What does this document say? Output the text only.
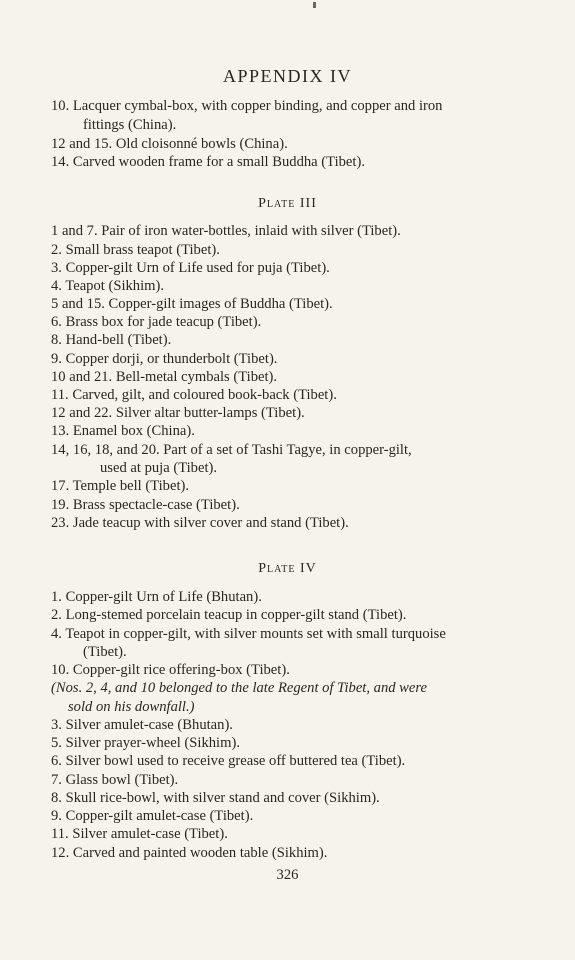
APPENDIX IV
10. Lacquer cymbal-box, with copper binding, and copper and iron
fittings (China).
12 and 15. Old cloisonné bowls (China).
14. Carved wooden frame for a small Buddha (Tibet).
Plate III
1 and 7. Pair of iron water-bottles, inlaid with silver (Tibet).
2. Small brass teapot (Tibet).
3. Copper-gilt Urn of Life used for puja (Tibet).
4. Teapot (Sikhim).
5 and 15. Copper-gilt images of Buddha (Tibet).
6. Brass box for jade teacup (Tibet).
8. Hand-bell (Tibet).
9. Copper dorji, or thunderbolt (Tibet).
10 and 21. Bell-metal cymbals (Tibet).
11. Carved, gilt, and coloured book-back (Tibet).
12 and 22. Silver altar butter-lamps (Tibet).
13. Enamel box (China).
14, 16, 18, and 20. Part of a set of Tashi Tagye, in copper-gilt,
used at puja (Tibet).
17. Temple bell (Tibet).
19. Brass spectacle-case (Tibet).
23. Jade teacup with silver cover and stand (Tibet).
Plate IV
1. Copper-gilt Urn of Life (Bhutan).
2. Long-stemed porcelain teacup in copper-gilt stand (Tibet).
4. Teapot in copper-gilt, with silver mounts set with small turquoise
(Tibet).
10. Copper-gilt rice offering-box (Tibet).
(Nos. 2, 4, and 10 belonged to the late Regent of Tibet, and were
sold on his downfall.)
3. Silver amulet-case (Bhutan).
5. Silver prayer-wheel (Sikhim).
6. Silver bowl used to receive grease off buttered tea (Tibet).
7. Glass bowl (Tibet).
8. Skull rice-bowl, with silver stand and cover (Sikhim).
9. Copper-gilt amulet-case (Tibet).
11. Silver amulet-case (Tibet).
12. Carved and painted wooden table (Sikhim).
326
